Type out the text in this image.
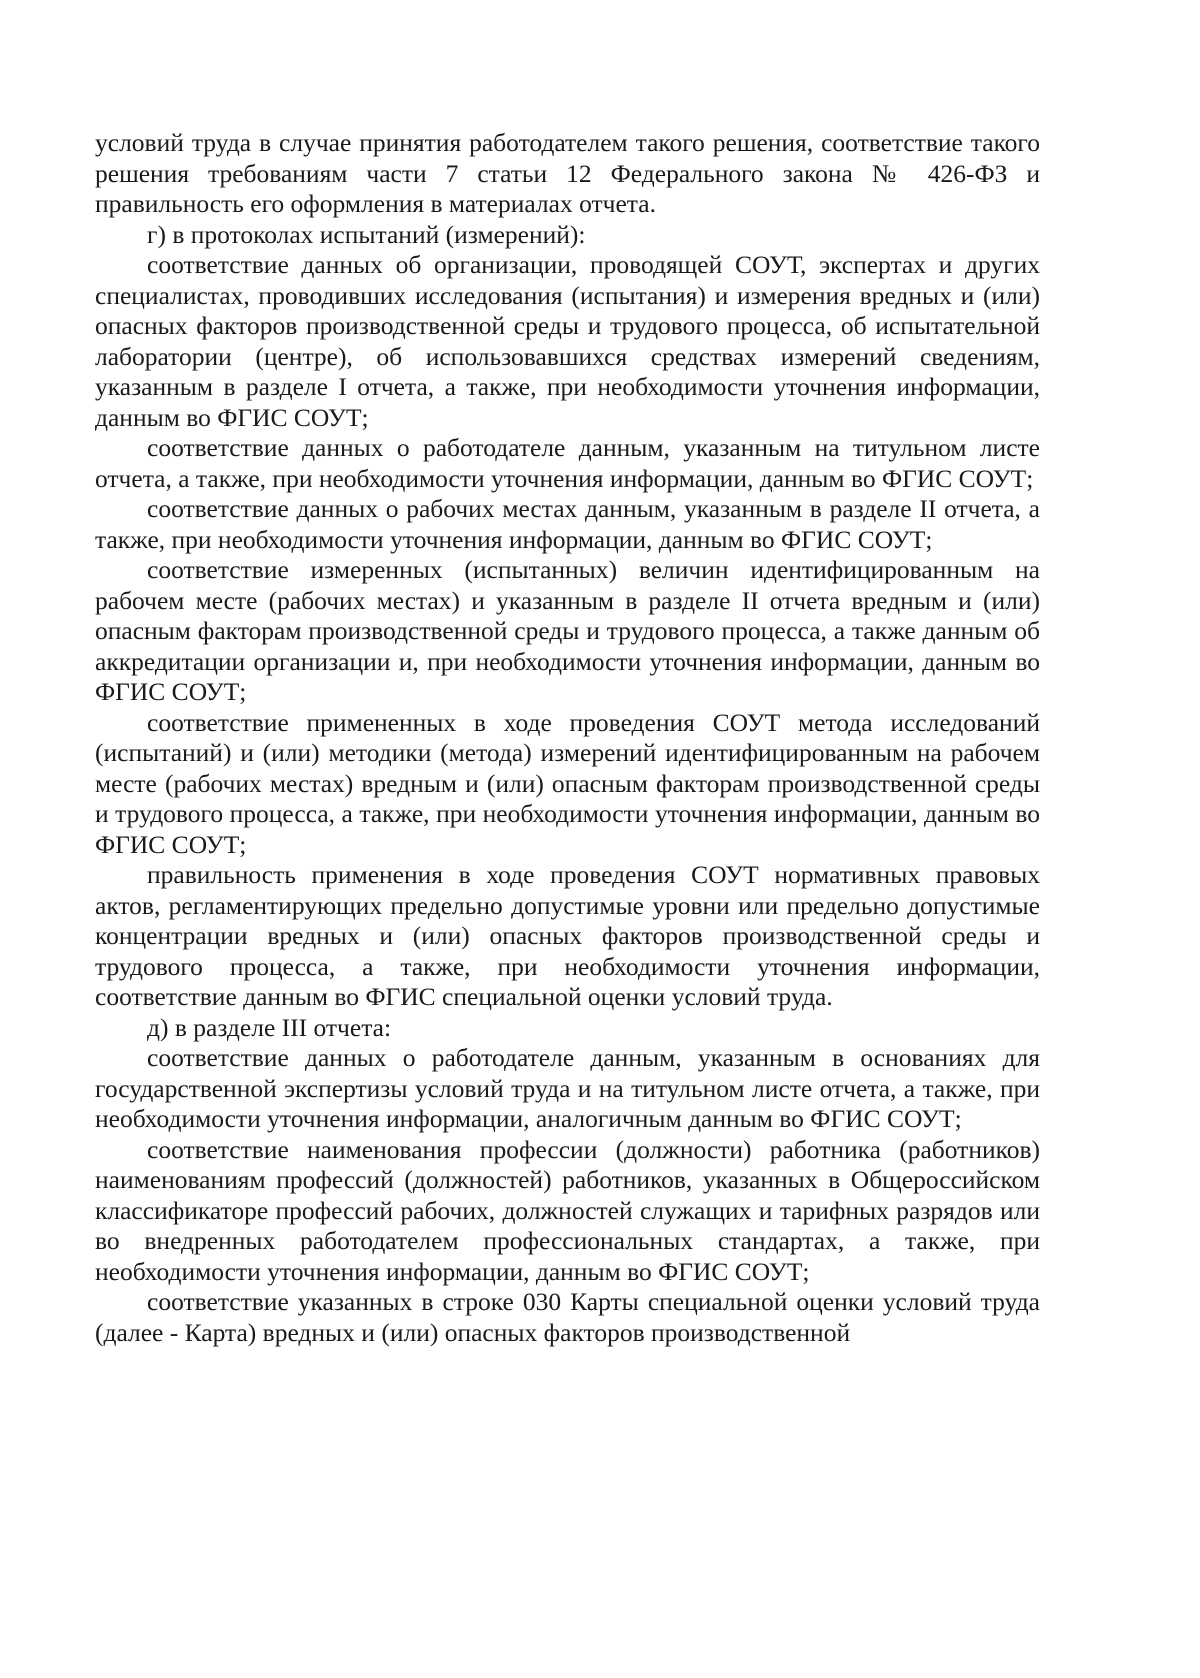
условий труда в случае принятия работодателем такого решения, соответствие такого решения требованиям части 7 статьи 12 Федерального закона № 426-ФЗ и правильность его оформления в материалах отчета.

г) в протоколах испытаний (измерений):

соответствие данных об организации, проводящей СОУТ, экспертах и других специалистах, проводивших исследования (испытания) и измерения вредных и (или) опасных факторов производственной среды и трудового процесса, об испытательной лаборатории (центре), об использовавшихся средствах измерений сведениям, указанным в разделе I отчета, а также, при необходимости уточнения информации, данным во ФГИС СОУТ;

соответствие данных о работодателе данным, указанным на титульном листе отчета, а также, при необходимости уточнения информации, данным во ФГИС СОУТ;

соответствие данных о рабочих местах данным, указанным в разделе II отчета, а также, при необходимости уточнения информации, данным во ФГИС СОУТ;

соответствие измеренных (испытанных) величин идентифицированным на рабочем месте (рабочих местах) и указанным в разделе II отчета вредным и (или) опасным факторам производственной среды и трудового процесса, а также данным об аккредитации организации и, при необходимости уточнения информации, данным во ФГИС СОУТ;

соответствие примененных в ходе проведения СОУТ метода исследований (испытаний) и (или) методики (метода) измерений идентифицированным на рабочем месте (рабочих местах) вредным и (или) опасным факторам производственной среды и трудового процесса, а также, при необходимости уточнения информации, данным во ФГИС СОУТ;

правильность применения в ходе проведения СОУТ нормативных правовых актов, регламентирующих предельно допустимые уровни или предельно допустимые концентрации вредных и (или) опасных факторов производственной среды и трудового процесса, а также, при необходимости уточнения информации, соответствие данным во ФГИС специальной оценки условий труда.

д) в разделе III отчета:

соответствие данных о работодателе данным, указанным в основаниях для государственной экспертизы условий труда и на титульном листе отчета, а также, при необходимости уточнения информации, аналогичным данным во ФГИС СОУТ;

соответствие наименования профессии (должности) работника (работников) наименованиям профессий (должностей) работников, указанных в Общероссийском классификаторе профессий рабочих, должностей служащих и тарифных разрядов или во внедренных работодателем профессиональных стандартах, а также, при необходимости уточнения информации, данным во ФГИС СОУТ;

соответствие указанных в строке 030 Карты специальной оценки условий труда (далее - Карта) вредных и (или) опасных факторов производственной
